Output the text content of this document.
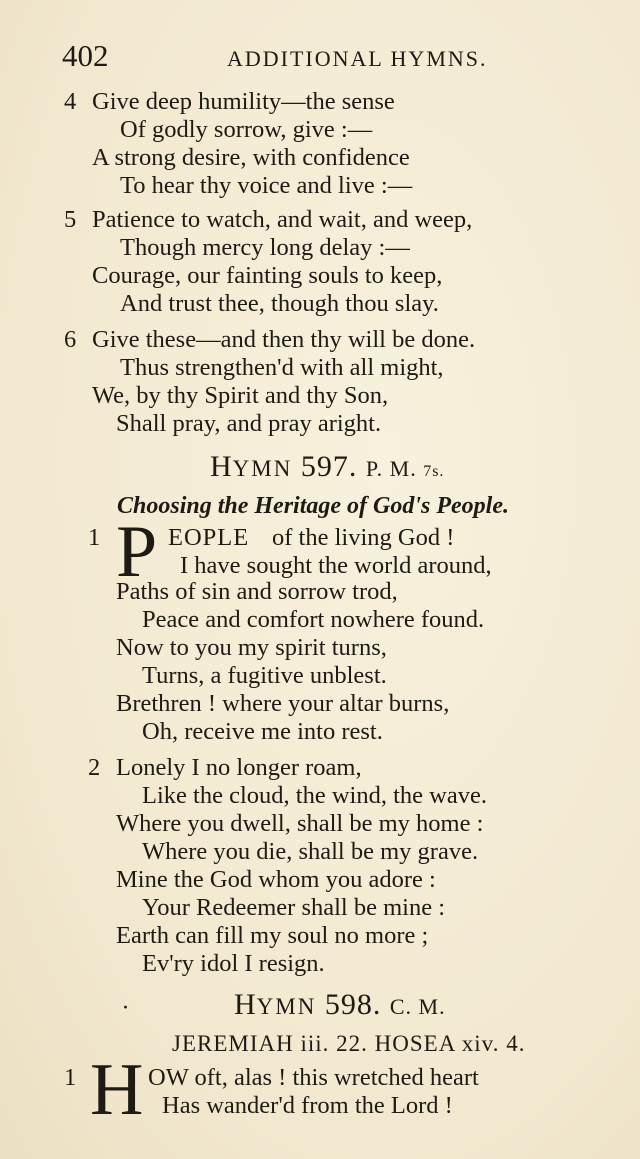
402	ADDITIONAL HYMNS.
4 Give deep humility—the sense
Of godly sorrow, give :—
A strong desire, with confidence
To hear thy voice and live :—
5 Patience to watch, and wait, and weep,
Though mercy long delay :—
Courage, our fainting souls to keep,
And trust thee, though thou slay.
6 Give these—and then thy will be done.
Thus strengthen'd with all might,
We, by thy Spirit and thy Son,
Shall pray, and pray aright.
HYMN 597. P. M. 7s.
Choosing the Heritage of God's People.
1 P EOPLE of the living God !
I have sought the world around,
Paths of sin and sorrow trod,
Peace and comfort nowhere found.
Now to you my spirit turns,
Turns, a fugitive unblest.
Brethren ! where your altar burns,
Oh, receive me into rest.
2 Lonely I no longer roam,
Like the cloud, the wind, the wave.
Where you dwell, shall be my home :
Where you die, shall be my grave.
Mine the God whom you adore :
Your Redeemer shall be mine :
Earth can fill my soul no more ;
Ev'ry idol I resign.
·	HYMN 598. C. M.
JEREMIAH iii. 22. HOSEA xiv. 4.
1 H OW oft, alas ! this wretched heart
Has wander'd from the Lord !
